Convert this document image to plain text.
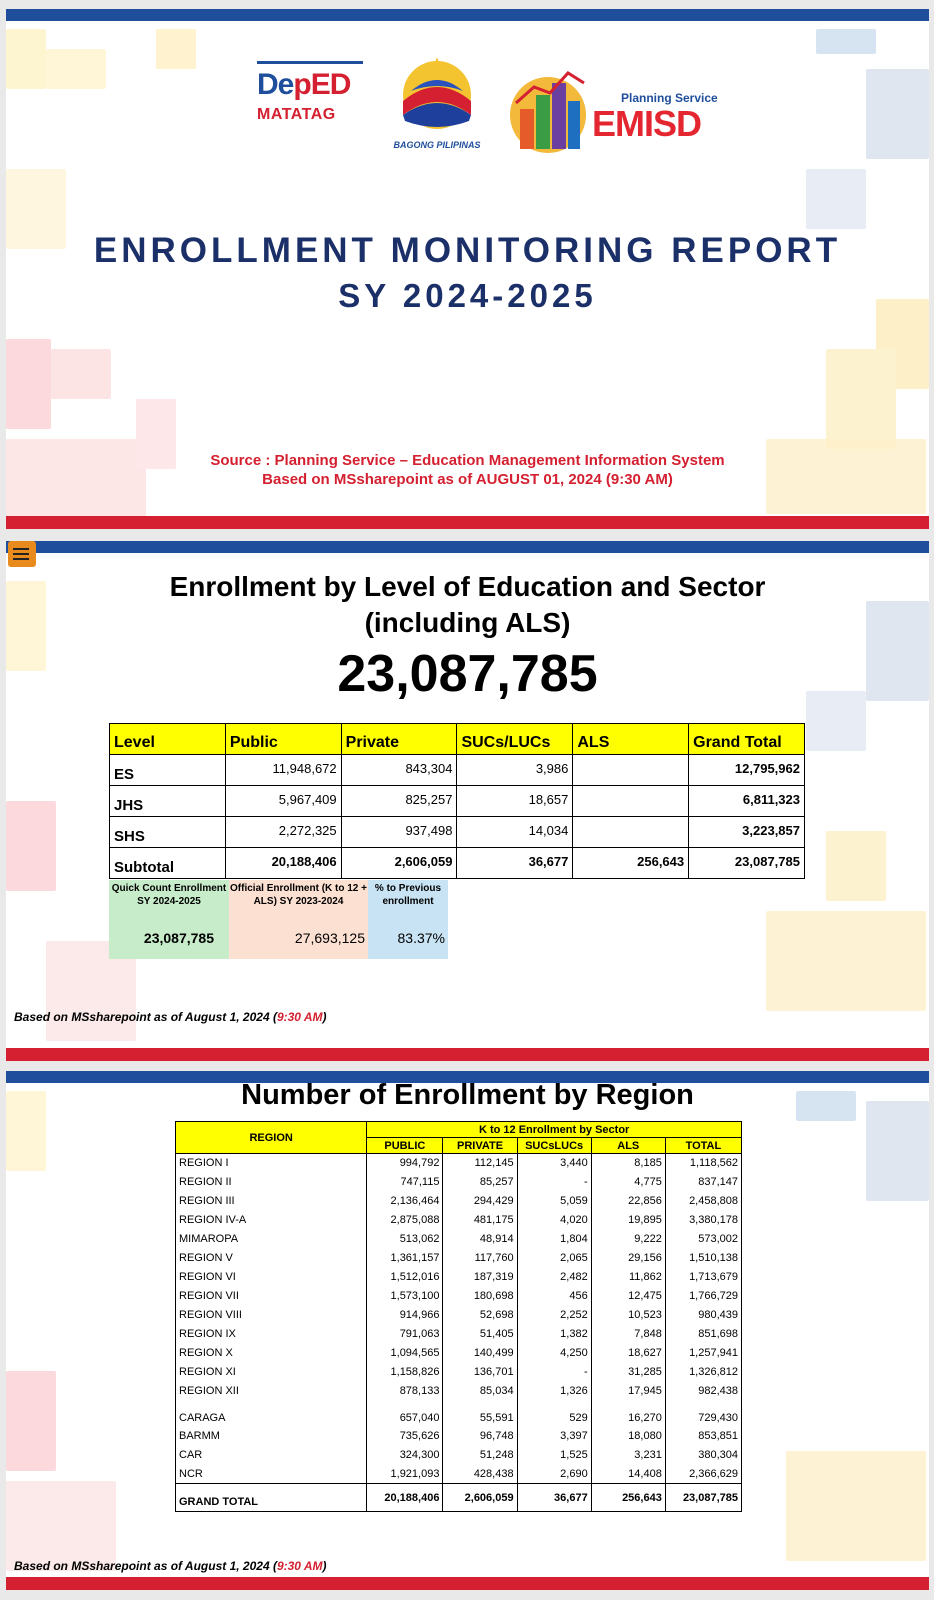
DepED
MATATAG

BAGONG PILIPINAS
Planning Service
EMISD
ENROLLMENT MONITORING REPORT
SY 2024-2025
Source : Planning Service – Education Management Information System
Based on MSsharepoint as of AUGUST 01, 2024 (9:30 AM)
Enrollment by Level of Education and Sector
(including ALS)
23,087,785
Level	Public	Private	SUCs/LUCs	ALS	Grand Total
ES	11,948,672	843,304	3,986		12,795,962
JHS	5,967,409	825,257	18,657		6,811,323
SHS	2,272,325	937,498	14,034		3,223,857
Subtotal	20,188,406	2,606,059	36,677	256,643	23,087,785
Quick Count Enrollment SY 2024-2025
23,087,785
Official Enrollment (K to 12 + ALS) SY 2023-2024
27,693,125
% to Previous enrollment
83.37%
Based on MSsharepoint as of August 1, 2024 (9:30 AM)
Number of Enrollment by Region
REGION	K to 12 Enrollment by Sector				
	PUBLIC	PRIVATE	SUCsLUCs	ALS	TOTAL
REGION I	994,792	112,145	3,440	8,185	1,118,562
REGION II	747,115	85,257	-	4,775	837,147
REGION III	2,136,464	294,429	5,059	22,856	2,458,808
REGION IV-A	2,875,088	481,175	4,020	19,895	3,380,178
MIMAROPA	513,062	48,914	1,804	9,222	573,002
REGION V	1,361,157	117,760	2,065	29,156	1,510,138
REGION VI	1,512,016	187,319	2,482	11,862	1,713,679
REGION VII	1,573,100	180,698	456	12,475	1,766,729
REGION VIII	914,966	52,698	2,252	10,523	980,439
REGION IX	791,063	51,405	1,382	7,848	851,698
REGION X	1,094,565	140,499	4,250	18,627	1,257,941
REGION XI	1,158,826	136,701	-	31,285	1,326,812
REGION XII	878,133	85,034	1,326	17,945	982,438
CARAGA	657,040	55,591	529	16,270	729,430
BARMM	735,626	96,748	3,397	18,080	853,851
CAR	324,300	51,248	1,525	3,231	380,304
NCR	1,921,093	428,438	2,690	14,408	2,366,629
GRAND TOTAL	20,188,406	2,606,059	36,677	256,643	23,087,785
Based on MSsharepoint as of August 1, 2024 (9:30 AM)
